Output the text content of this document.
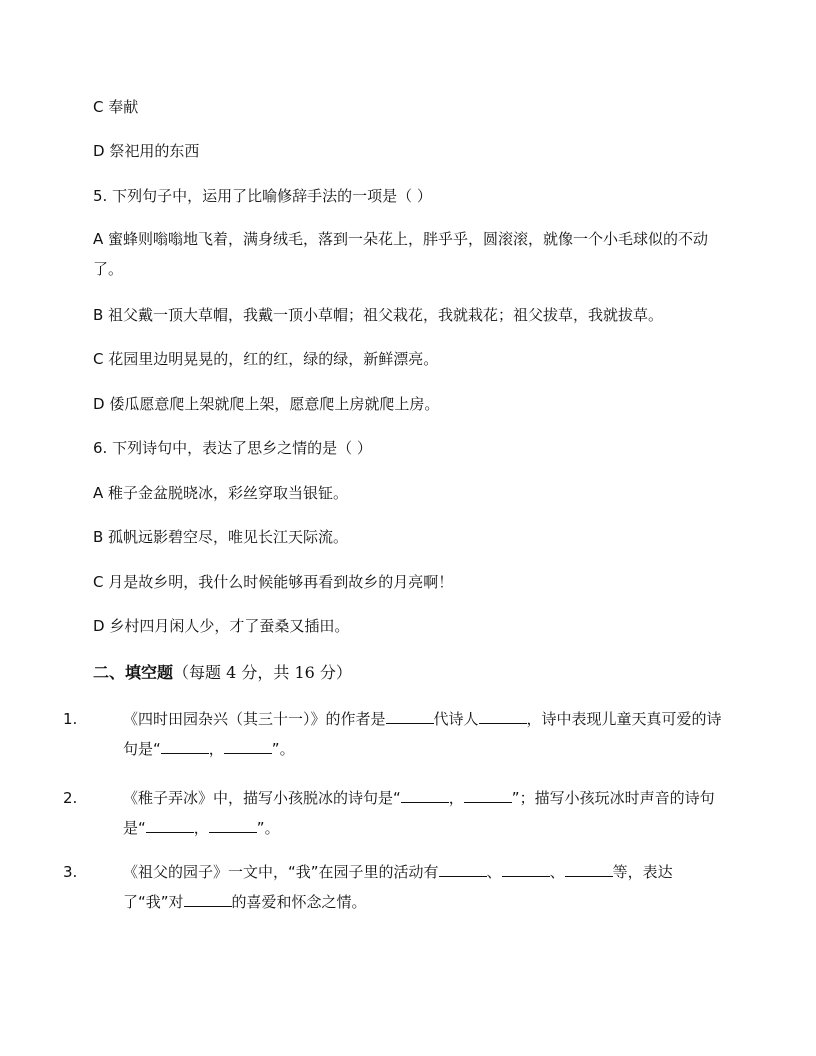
C 奉献
D 祭祀用的东西
5. 下列句子中，运用了比喻修辞手法的一项是（ ）
A 蜜蜂则嗡嗡地飞着，满身绒毛，落到一朵花上，胖乎乎，圆滚滚，就像一个小毛球似的不动了。
B 祖父戴一顶大草帽，我戴一顶小草帽；祖父栽花，我就栽花；祖父拔草，我就拔草。
C 花园里边明晃晃的，红的红，绿的绿，新鲜漂亮。
D 倭瓜愿意爬上架就爬上架，愿意爬上房就爬上房。
6. 下列诗句中，表达了思乡之情的是（ ）
A 稚子金盆脱晓冰，彩丝穿取当银钲。
B 孤帆远影碧空尽，唯见长江天际流。
C 月是故乡明，我什么时候能够再看到故乡的月亮啊！
D 乡村四月闲人少，才了蚕桑又插田。
二、填空题（每题 4 分，共 16 分）
1.	《四时田园杂兴（其三十一）》的作者是	代诗人	，诗中表现儿童天真可爱的诗句是“	，	”。
2.	《稚子弄冰》中，描写小孩脱冰的诗句是“	，	”；描写小孩玩冰时声音的诗句是“	，	”。
3.	《祖父的园子》一文中，“我”在园子里的活动有	、	、	等，表达了“我”对	的喜爱和怀念之情。
